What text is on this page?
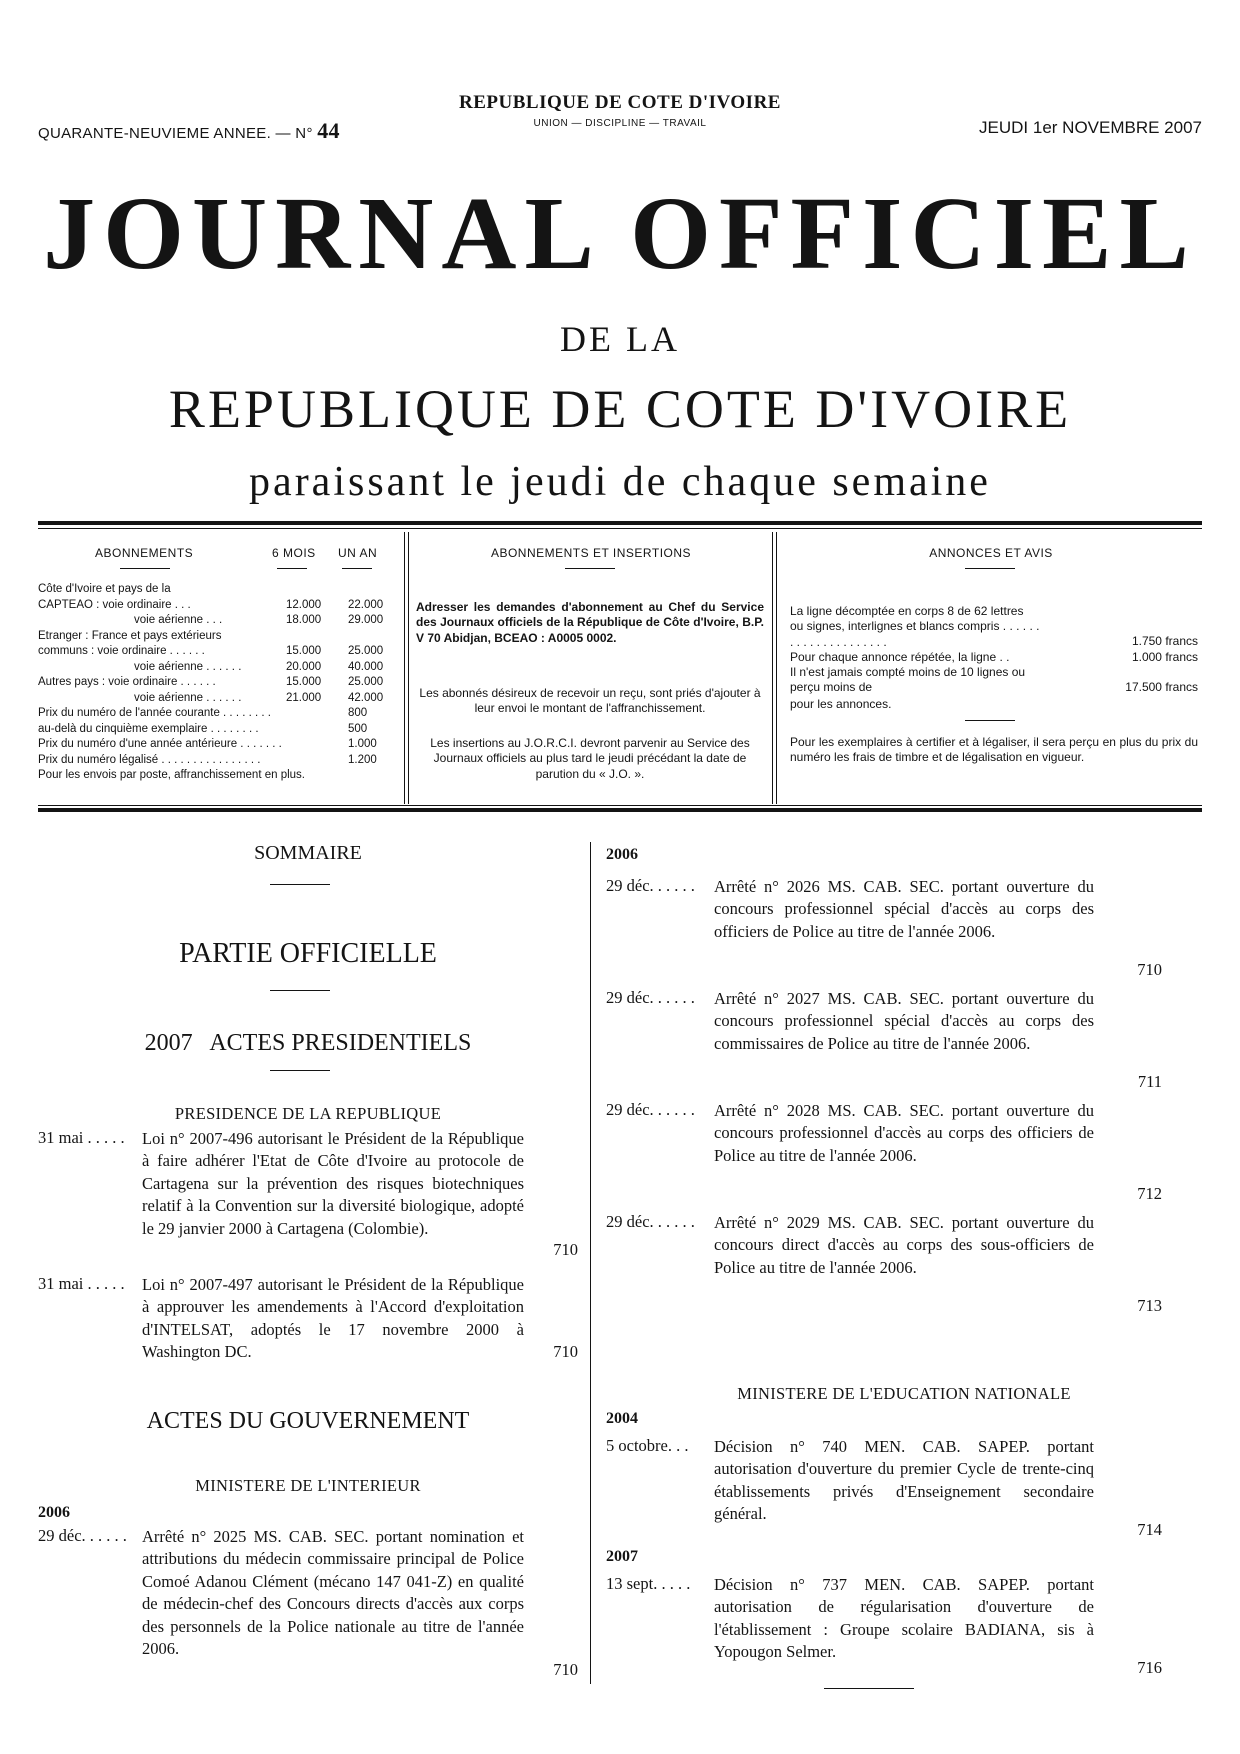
QUARANTE-NEUVIEME ANNEE. — N° 44
REPUBLIQUE DE COTE D'IVOIRE
UNION — DISCIPLINE — TRAVAIL	JEUDI 1er NOVEMBRE 2007
JOURNAL OFFICIEL
DE LA
REPUBLIQUE DE COTE D'IVOIRE
paraissant le jeudi de chaque semaine
ABONNEMENTS	6 MOIS UN AN
Côte d'Ivoire et pays de la
CAPTEAO : voie ordinaire . . .	12.000 22.000
voie aérienne . . .	18.000 29.000
Etranger : France et pays extérieurs
communs : voie ordinaire . . . . . .	15.000 25.000
voie aérienne . . . . . .	20.000 40.000
Autres pays : voie ordinaire . . . . . .	15.000 25.000
voie aérienne . . . . . .	21.000 42.000
Prix du numéro de l'année courante . . . . . . . .	800
au-delà du cinquième exemplaire . . . . . . . .	500
Prix du numéro d'une année antérieure . . . . . . .	1.000
Prix du numéro légalisé . . . . . . . . . . . . . . . .	1.200
Pour les envois par poste, affranchissement en plus.
ABONNEMENTS ET INSERTIONS
Adresser les demandes d'abonnement au Chef du Service des Journaux officiels de la République de Côte d'Ivoire, B.P. V 70 Abidjan, BCEAO : A0005 0002.
Les abonnés désireux de recevoir un reçu, sont priés d'ajouter à leur envoi le montant de l'affranchissement.
Les insertions au J.O.R.C.I. devront parvenir au Service des Journaux officiels au plus tard le jeudi précédant la date de parution du « J.O. ».
ANNONCES ET AVIS
La ligne décomptée en corps 8 de 62 lettres ou signes, interlignes et blancs compris . . . . . . . . . . . . . . . . . . . . .	1.750 francs
Pour chaque annonce répétée, la ligne . .	1.000 francs
Il n'est jamais compté moins de 10 lignes ou perçu moins de	17.500 francs
pour les annonces.
Pour les exemplaires à certifier et à légaliser, il sera perçu en plus du prix du numéro les frais de timbre et de légalisation en vigueur.
SOMMAIRE
PARTIE OFFICIELLE
2007 ACTES PRESIDENTIELS
PRESIDENCE DE LA REPUBLIQUE
31 mai . . . . . Loi n° 2007-496 autorisant le Président de la République à faire adhérer l'Etat de Côte d'Ivoire au protocole de Cartagena sur la prévention des risques biotechniques relatif à la Convention sur la diversité biologique, adopté le 29 janvier 2000 à Cartagena (Colombie).
710
31 mai . . . . . Loi n° 2007-497 autorisant le Président de la République à approuver les amendements à l'Accord d'exploitation d'INTELSAT, adoptés le 17 novembre 2000 à Washington DC.	710
ACTES DU GOUVERNEMENT
MINISTERE DE L'INTERIEUR
2006
29 déc. . . . . . Arrêté n° 2025 MS. CAB. SEC. portant nomination et attributions du médecin commissaire principal de Police Comoé Adanou Clément (mécano 147 041-Z) en qualité de médecin-chef des Concours directs d'accès aux corps des personnels de la Police nationale au titre de l'année 2006.
710
2006
29 déc. . . . . . Arrêté n° 2026 MS. CAB. SEC. portant ouverture du concours professionnel spécial d'accès au corps des officiers de Police au titre de l'année 2006.
710
29 déc. . . . . . Arrêté n° 2027 MS. CAB. SEC. portant ouverture du concours professionnel spécial d'accès au corps des commissaires de Police au titre de l'année 2006.
711
29 déc. . . . . . Arrêté n° 2028 MS. CAB. SEC. portant ouverture du concours professionnel d'accès au corps des officiers de Police au titre de l'année 2006.
712
29 déc. . . . . . Arrêté n° 2029 MS. CAB. SEC. portant ouverture du concours direct d'accès au corps des sous-officiers de Police au titre de l'année 2006.
713
MINISTERE DE L'EDUCATION NATIONALE
2004
5 octobre. . . Décision n° 740 MEN. CAB. SAPEP. portant autorisation d'ouverture du premier Cycle de trente-cinq établissements privés d'Enseignement secondaire général.
714
2007
13 sept. . . . . Décision n° 737 MEN. CAB. SAPEP. portant autorisation de régularisation d'ouverture de l'établissement : Groupe scolaire BADIANA, sis à Yopougon Selmer.
716
